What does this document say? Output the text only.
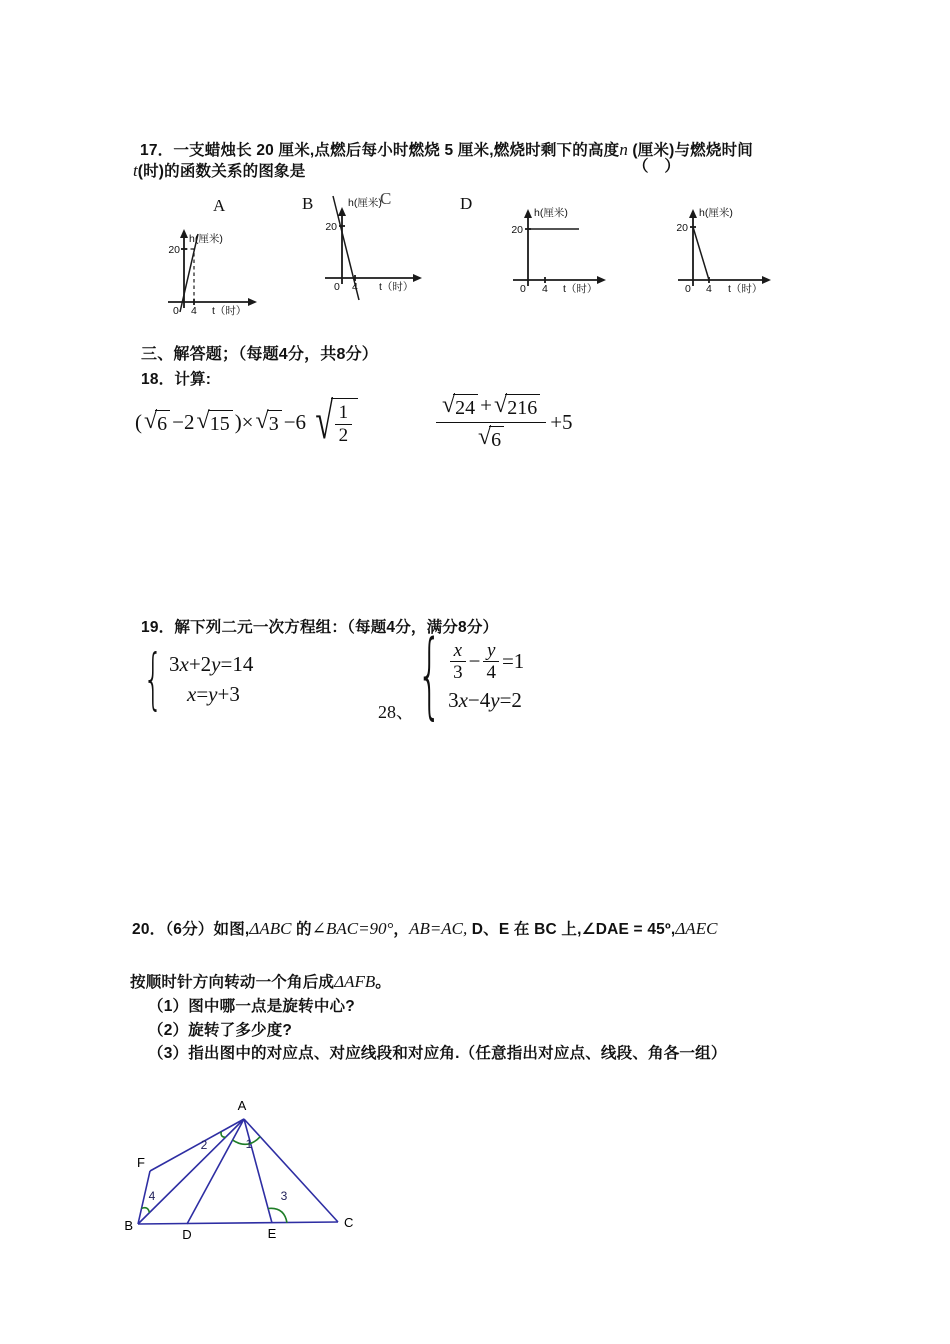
17．一支蜡烛长 20 厘米,点燃后每小时燃烧 5 厘米,燃烧时剩下的高度n (厘米)与燃烧时间
t(时)的函数关系的图象是	（　）
A	B	C	D
20
h(厘米)
0 4 t（时）
20
h(厘米)
0 4 t（时）
20
h(厘米)
0 4 t（时）
20
h(厘米)
0 4 t（时）
三、解答题；（每题4分，共8分）
18．计算:
( √ 6 −2 √ 15 )× √ 3 −6 √ 1
2	$\frac{√ 24 + √ 216}{√ 6} +5$
19．解下列二元一次方程组：（每题4分，满分8分）
{ 3 x +2 y =14
x = y +3
28、 { x
$3 - \frac{y}{4} =1$
3 x −4 y =2
20．（6分）如图,ΔABC 的∠BAC=90°，AB=AC, D、E 在 BC 上,∠DAE = 45º,ΔAEC
按顺时针方向转动一个角后成ΔAFB。
（1）图中哪一点是旋转中心?
（2）旋转了多少度?
（3）指出图中的对应点、对应线段和对应角.（任意指出对应点、线段、角各一组）
A
F
B
D	E
C
2	1
4	3
